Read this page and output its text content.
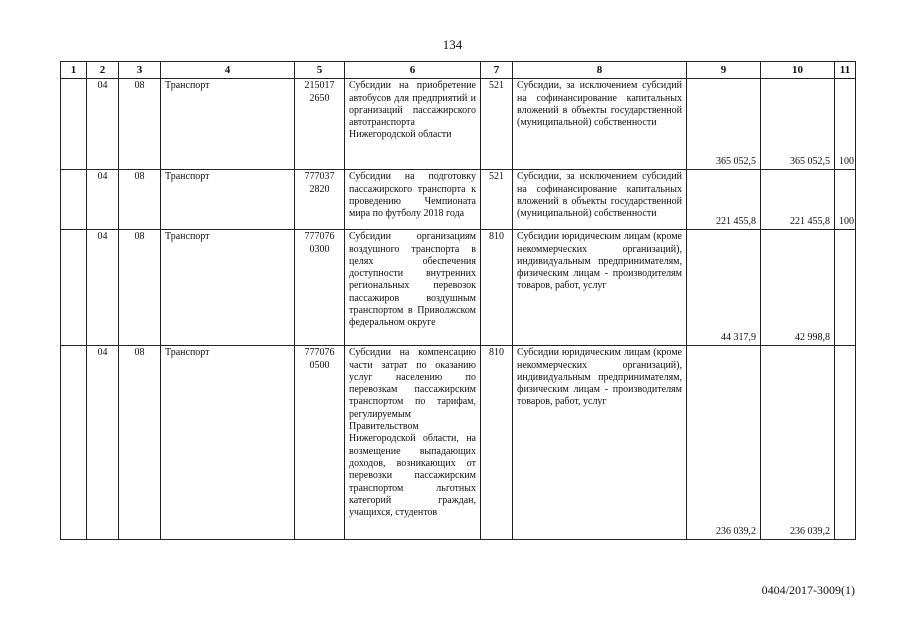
134
1	2	3	4	5	6	7	8	9	10	11
	04	08	Транспорт	215017 2650	Субсидии на приобретение автобусов для предприятий и организаций пассажирского автотранспорта Нижегородской области	521	Субсидии, за исключением субсидий на софинансирование капитальных вложений в объекты государственной (муниципальной) собственности	365 052,5	365 052,5	100
	04	08	Транспорт	777037 2820	Субсидии на подготовку пассажирского транспорта к проведению Чемпионата мира по футболу 2018 года	521	Субсидии, за исключением субсидий на софинансирование капитальных вложений в объекты государственной (муниципальной) собственности	221 455,8	221 455,8	100
	04	08	Транспорт	777076 0300	Субсидии организациям воздушного транспорта в целях обеспечения доступности внутренних региональных перевозок пассажиров воздушным транспортом в Приволжском федеральном округе	810	Субсидии юридическим лицам (кроме некоммерческих организаций), индивидуальным предпринимателям, физическим лицам - производителям товаров, работ, услуг	44 317,9	42 998,8	
	04	08	Транспорт	777076 0500	Субсидии на компенсацию части затрат по оказанию услуг населению по перевозкам пассажирским транспортом по тарифам, регулируемым Правительством Нижегородской области, на возмещение выпадающих доходов, возникающих от перевозки пассажирским транспортом льготных категорий граждан, учащихся, студентов	810	Субсидии юридическим лицам (кроме некоммерческих организаций), индивидуальным предпринимателям, физическим лицам - производителям товаров, работ, услуг	236 039,2	236 039,2	
0404/2017-3009(1)
